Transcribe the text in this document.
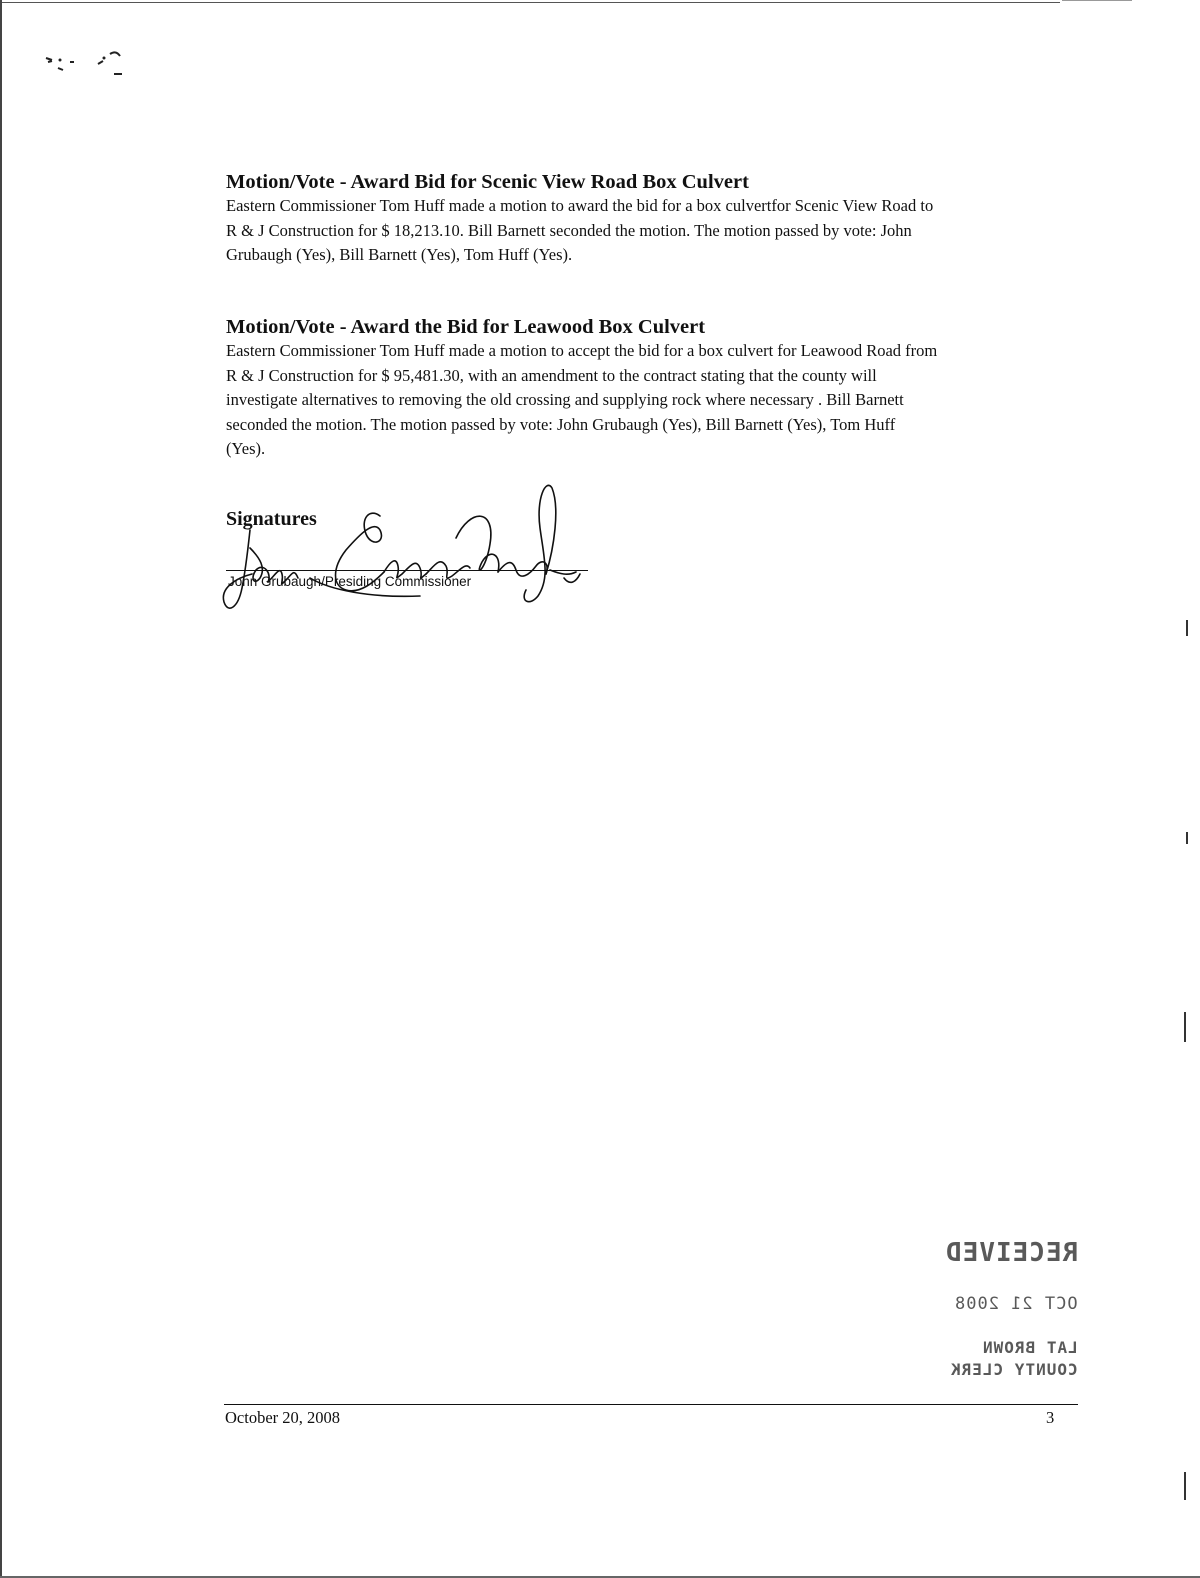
Motion/Vote - Award Bid for Scenic View Road Box Culvert

Eastern Commissioner Tom Huff made a motion to award the bid for a box culvertfor Scenic View Road to
R & J Construction for $ 18,213.10. Bill Barnett seconded the motion. The motion passed by vote: John
Grubaugh (Yes), Bill Barnett (Yes), Tom Huff (Yes).

Motion/Vote - Award the Bid for Leawood Box Culvert

Eastern Commissioner Tom Huff made a motion to accept the bid for a box culvert for Leawood Road from
R & J Construction for $ 95,481.30, with an amendment to the contract stating that the county will
investigate alternatives to removing the old crossing and supplying rock where necessary . Bill Barnett
seconded the motion. The motion passed by vote: John Grubaugh (Yes), Bill Barnett (Yes), Tom Huff
(Yes).

Signatures
John Grubaugh/Presiding Commissioner
RECEIVED
OCT 21 2008
LAT BROWN
COUNTY CLERK
October 20, 2008	3
